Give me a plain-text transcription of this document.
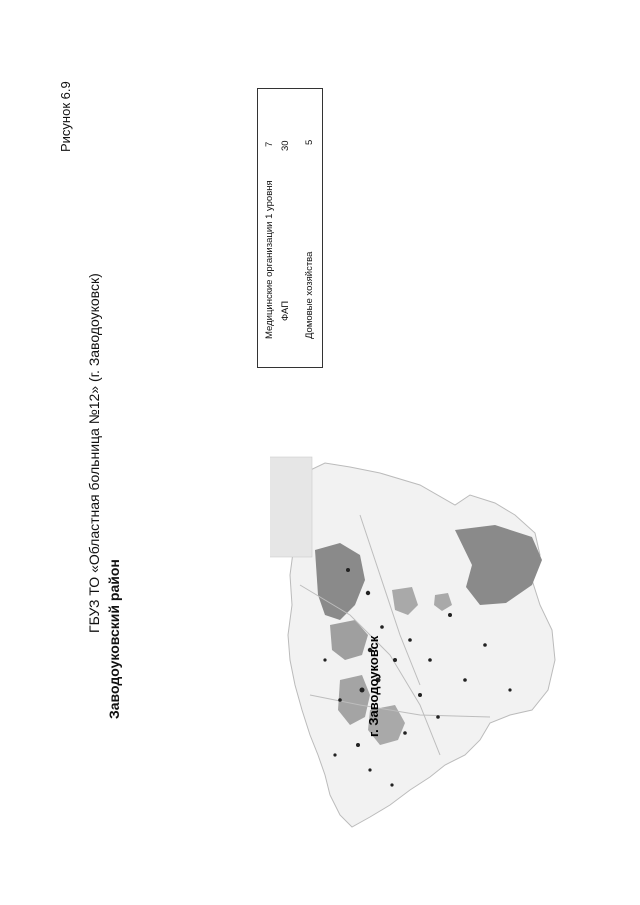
Рисунок 6.9
ГБУЗ ТО «Областная больница №12» (г. Заводоуковск)
Заводоуковский район
Медицинские организации 1 уровня
7
ФАП
30
Домовые хозяйства
5
г. Заводоуковск
